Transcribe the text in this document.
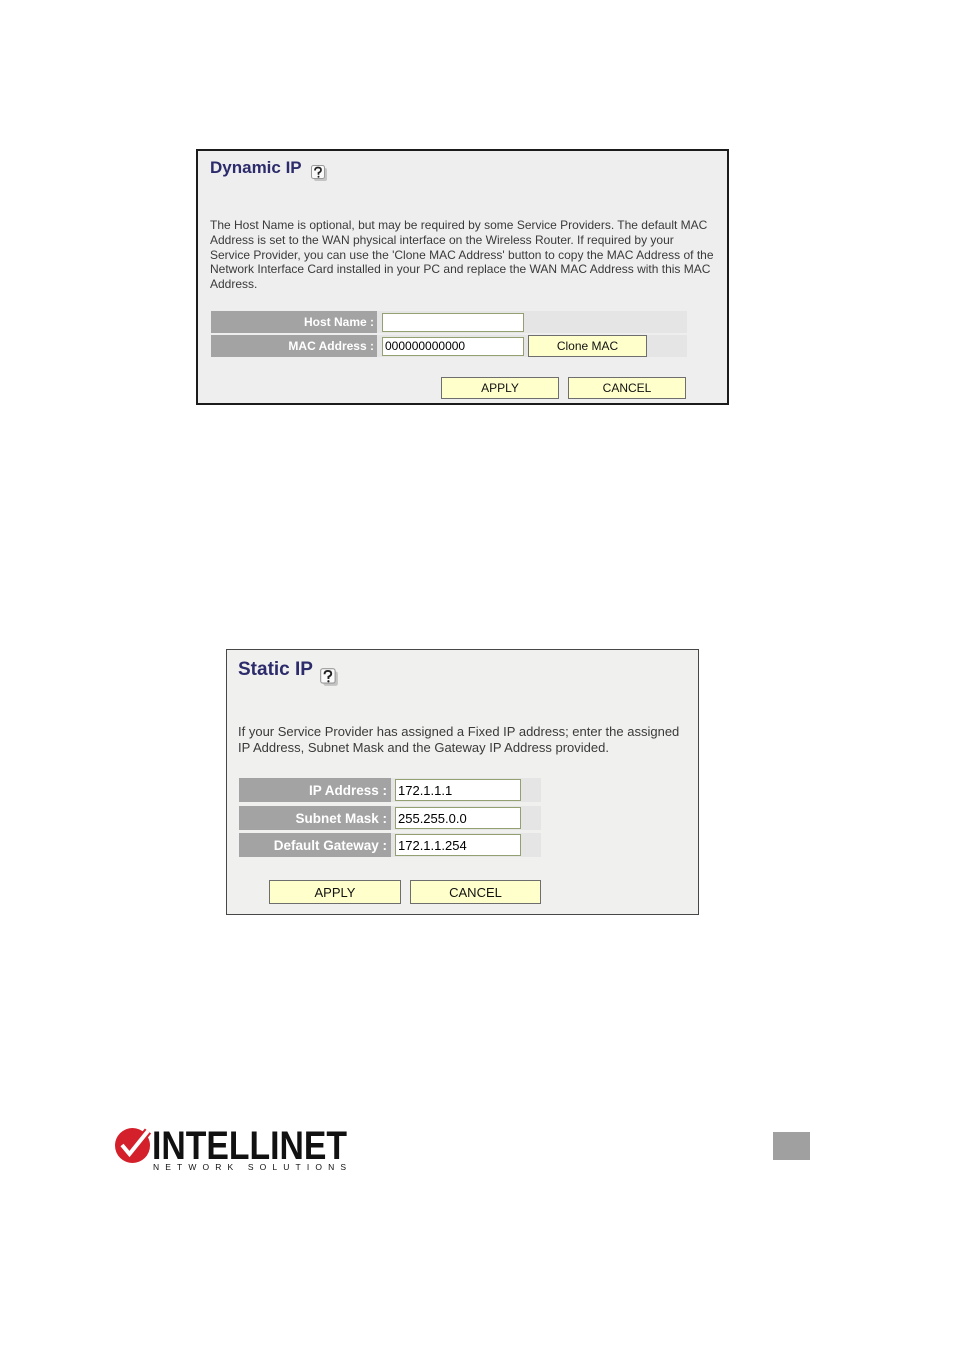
Dynamic IP
The Host Name is optional, but may be required by some Service Providers. The default MAC
Address is set to the WAN physical interface on the Wireless Router. If required by your
Service Provider, you can use the 'Clone MAC Address' button to copy the MAC Address of the
Network Interface Card installed in your PC and replace the WAN MAC Address with this MAC
Address.
Host Name :
MAC Address :
000000000000	Clone MAC
APPLY	CANCEL
Static IP
If your Service Provider has assigned a Fixed IP address; enter the assigned
IP Address, Subnet Mask and the Gateway IP Address provided.
IP Address :
172.1.1.1
Subnet Mask :
255.255.0.0
Default Gateway :
172.1.1.254
APPLY	CANCEL
INTELLINET
NETWORK SOLUTIONS
